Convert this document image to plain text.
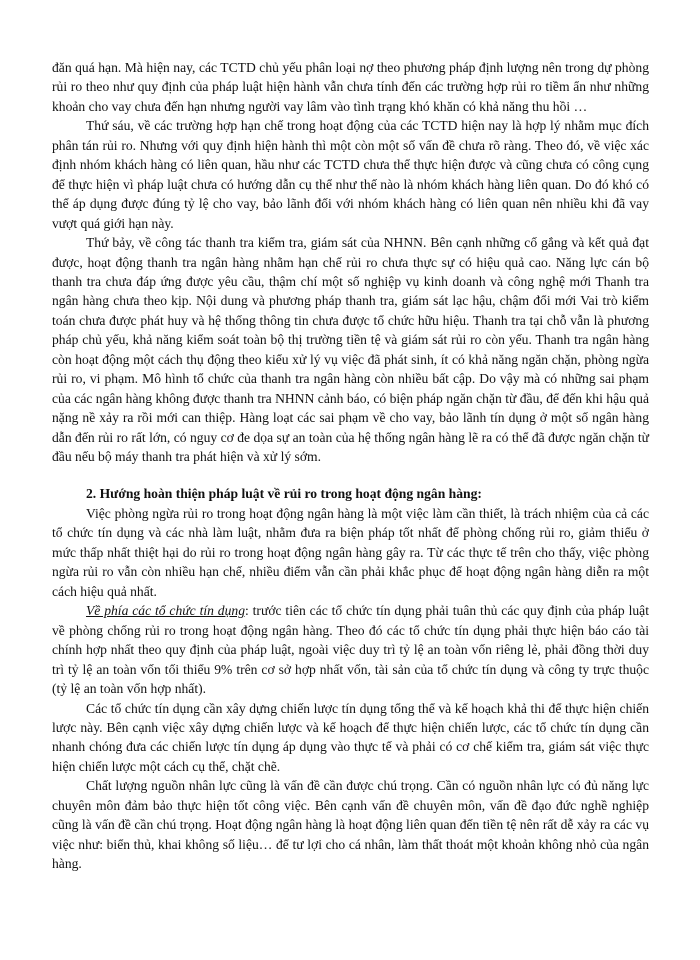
đăn quá hạn. Mà hiện nay, các TCTD chủ yếu phân loại nợ theo phương pháp định lượng nên trong dự phòng rủi ro theo như quy định của pháp luật hiện hành vẫn chưa tính đến các trường hợp rủi ro tiềm ẩn như những khoản cho vay chưa đến hạn nhưng người vay lâm vào tình trạng khó khăn có khả năng thu hồi …

Thứ sáu, về các trường hợp hạn chế trong hoạt động của các TCTD hiện nay là hợp lý nhằm mục đích phân tán rủi ro. Nhưng với quy định hiện hành thì một còn một số vấn đề chưa rõ ràng. Theo đó, về việc xác định nhóm khách hàng có liên quan, hầu như các TCTD chưa thể thực hiện được và cũng chưa có công cụng để thực hiện vì pháp luật chưa có hướng dẫn cụ thể như thế nào là nhóm khách hàng liên quan. Do đó khó có thể áp dụng được đúng tỷ lệ cho vay, bảo lãnh đối với nhóm khách hàng có liên quan nên nhiều khi đã vay vượt quá giới hạn này.

Thứ bảy, về công tác thanh tra kiểm tra, giám sát của NHNN. Bên cạnh những cố gắng và kết quả đạt được, hoạt động thanh tra ngân hàng nhằm hạn chế rủi ro chưa thực sự có hiệu quả cao. Năng lực cán bộ thanh tra chưa đáp ứng được yêu cầu, thậm chí một số nghiệp vụ kinh doanh và công nghệ mới Thanh tra ngân hàng chưa theo kịp. Nội dung và phương pháp thanh tra, giám sát lạc hậu, chậm đổi mới Vai trò kiểm toán chưa được phát huy và hệ thống thông tin chưa được tổ chức hữu hiệu. Thanh tra tại chỗ vẫn là phương pháp chủ yếu, khả năng kiểm soát toàn bộ thị trường tiền tệ và giám sát rủi ro còn yếu. Thanh tra ngân hàng còn hoạt động một cách thụ động theo kiểu xử lý vụ việc đã phát sinh, ít có khả năng ngăn chặn, phòng ngừa rủi ro, vi phạm. Mô hình tổ chức của thanh tra ngân hàng còn nhiều bất cập. Do vậy mà có những sai phạm của các ngân hàng không được thanh tra NHNN cảnh báo, có biện pháp ngăn chặn từ đầu, để đến khi hậu quả nặng nề xảy ra rồi mới can thiệp. Hàng loạt các sai phạm về cho vay, bảo lãnh tín dụng ở một số ngân hàng dẫn đến rủi ro rất lớn, có nguy cơ đe dọa sự an toàn của hệ thống ngân hàng lẽ ra có thể đã được ngăn chặn từ đầu nếu bộ máy thanh tra phát hiện và xử lý sớm.

2. Hướng hoàn thiện pháp luật về rủi ro trong hoạt động ngân hàng:

Việc phòng ngừa rủi ro trong hoạt động ngân hàng là một việc làm cần thiết, là trách nhiệm của cả các tổ chức tín dụng và các nhà làm luật, nhằm đưa ra biện pháp tốt nhất để phòng chống rủi ro, giảm thiểu ở mức thấp nhất thiệt hại do rủi ro trong hoạt động ngân hàng gây ra. Từ các thực tế trên cho thấy, việc phòng ngừa rủi ro vẫn còn nhiều hạn chế, nhiều điểm vẫn cần phải khắc phục để hoạt động ngân hàng diễn ra một cách hiệu quả nhất.

Về phía các tổ chức tín dụng: trước tiên các tổ chức tín dụng phải tuân thủ các quy định của pháp luật về phòng chống rủi ro trong hoạt động ngân hàng. Theo đó các tổ chức tín dụng phải thực hiện báo cáo tài chính hợp nhất theo quy định của pháp luật, ngoài việc duy trì tỷ lệ an toàn vốn riêng lẻ, phải đồng thời duy trì tỷ lệ an toàn vốn tối thiểu 9% trên cơ sở hợp nhất vốn, tài sản của tổ chức tín dụng và công ty trực thuộc (tỷ lệ an toàn vốn hợp nhất).

Các tổ chức tín dụng cần xây dựng chiến lược tín dụng tổng thể và kế hoạch khả thi để thực hiện chiến lược này. Bên cạnh việc xây dựng chiến lược và kế hoạch để thực hiện chiến lược, các tổ chức tín dụng cần nhanh chóng đưa các chiến lược tín dụng áp dụng vào thực tế và phải có cơ chế kiểm tra, giám sát việc thực hiện chiến lược một cách cụ thể, chặt chẽ.

Chất lượng nguồn nhân lực cũng là vấn đề cần được chú trọng. Cần có nguồn nhân lực có đủ năng lực chuyên môn đảm bảo thực hiện tốt công việc. Bên cạnh vấn đề chuyên môn, vấn đề đạo đức nghề nghiệp cũng là vấn đề cần chú trọng. Hoạt động ngân hàng là hoạt động liên quan đến tiền tệ nên rất dễ xảy ra các vụ việc như: biển thủ, khai không số liệu… để tư lợi cho cá nhân, làm thất thoát một khoản không nhỏ của ngân hàng.
